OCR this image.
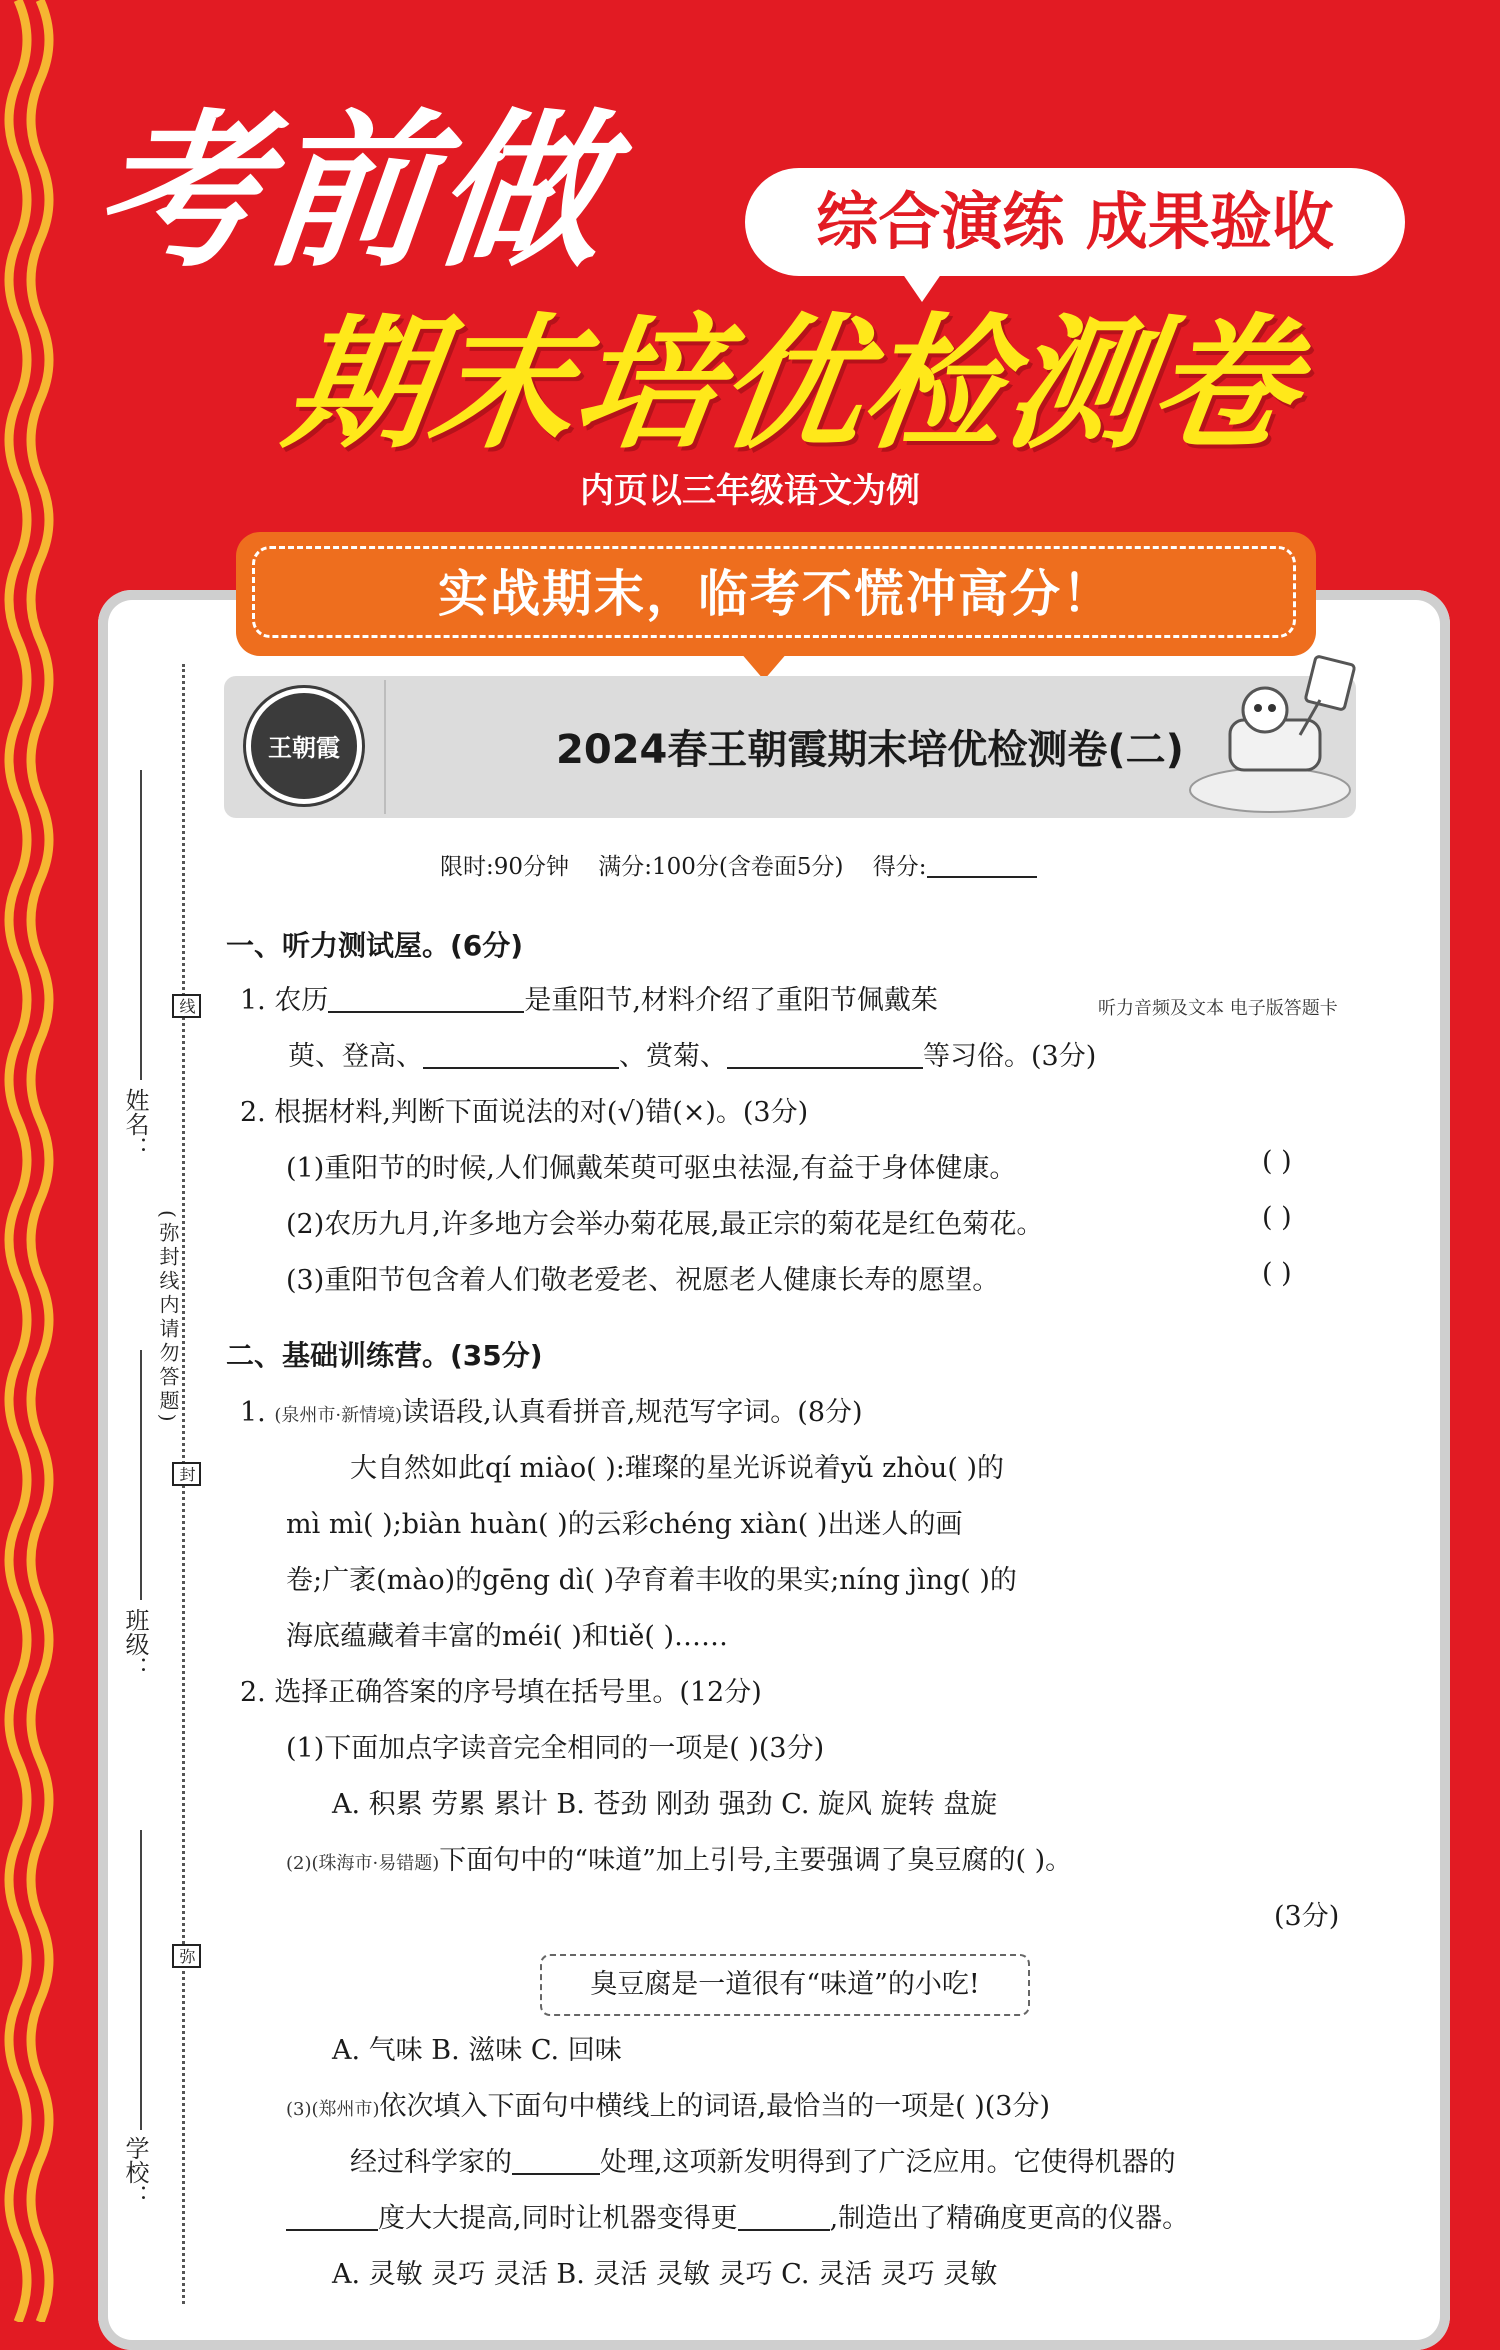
考前做	综合演练 成果验收
期末培优检测卷
内页以三年级语文为例
实战期末，临考不慌冲高分！
王朝霞	2024春王朝霞期末培优检测卷(二)
姓名：
班级：
学校：
线
封
弥
(弥封线内请勿答题)
限时:90分钟 满分:100分(含卷面5分) 得分:
一、听力测试屋。(6分)
1. 农历	是重阳节,材料介绍了重阳节佩戴茱	听力音频及文本 电子版答题卡
萸、登高、	、赏菊、	等习俗。(3分)
2. 根据材料,判断下面说法的对(√)错(×)。(3分)
(1)重阳节的时候,人们佩戴茱萸可驱虫祛湿,有益于身体健康。	( )
(2)农历九月,许多地方会举办菊花展,最正宗的菊花是红色菊花。	( )
(3)重阳节包含着人们敬老爱老、祝愿老人健康长寿的愿望。	( )
二、基础训练营。(35分)
1. (泉州市·新情境)读语段,认真看拼音,规范写字词。(8分)
大自然如此qí miào( ):璀璨的星光诉说着yǔ zhòu( )的
mì mì( );biàn huàn( )的云彩chéng xiàn( )出迷人的画
卷;广袤(mào)的gēng dì( )孕育着丰收的果实;níng jìng( )的
海底蕴藏着丰富的méi( )和tiě( )……
2. 选择正确答案的序号填在括号里。(12分)
(1)下面加点字读音完全相同的一项是( )(3分)
A. 积累 劳累 累计 B. 苍劲 刚劲 强劲 C. 旋风 旋转 盘旋
(2)(珠海市·易错题)下面句中的“味道”加上引号,主要强调了臭豆腐的( )。
(3分)
臭豆腐是一道很有“味道”的小吃!
A. 气味 B. 滋味 C. 回味
(3)(郑州市)依次填入下面句中横线上的词语,最恰当的一项是( )(3分)
经过科学家的	处理,这项新发明得到了广泛应用。它使得机器的
度大大提高,同时让机器变得更	,制造出了精确度更高的仪器。
A. 灵敏 灵巧 灵活 B. 灵活 灵敏 灵巧 C. 灵活 灵巧 灵敏
